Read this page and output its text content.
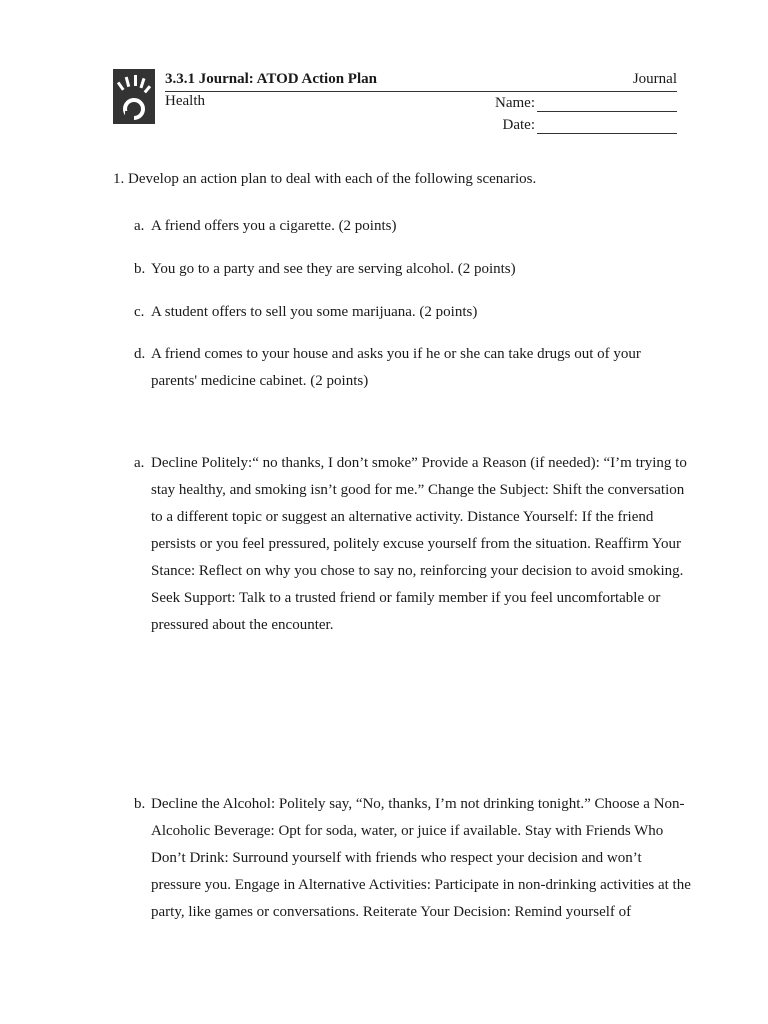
3.3.1 Journal: ATOD Action Plan	Journal
Health	Name:
Date:
1. Develop an action plan to deal with each of the following scenarios.
a. A friend offers you a cigarette. (2 points)
b. You go to a party and see they are serving alcohol. (2 points)
c. A student offers to sell you some marijuana. (2 points)
d. A friend comes to your house and asks you if he or she can take drugs out of your parents' medicine cabinet. (2 points)
a. Decline Politely:“ no thanks, I don’t smoke” Provide a Reason (if needed): “I’m trying to stay healthy, and smoking isn’t good for me.” Change the Subject: Shift the conversation to a different topic or suggest an alternative activity. Distance Yourself: If the friend persists or you feel pressured, politely excuse yourself from the situation. Reaffirm Your Stance: Reflect on why you chose to say no, reinforcing your decision to avoid smoking. Seek Support: Talk to a trusted friend or family member if you feel uncomfortable or pressured about the encounter.
b. Decline the Alcohol: Politely say, “No, thanks, I’m not drinking tonight.” Choose a Non-Alcoholic Beverage: Opt for soda, water, or juice if available. Stay with Friends Who Don’t Drink: Surround yourself with friends who respect your decision and won’t pressure you. Engage in Alternative Activities: Participate in non-drinking activities at the party, like games or conversations. Reiterate Your Decision: Remind yourself of
